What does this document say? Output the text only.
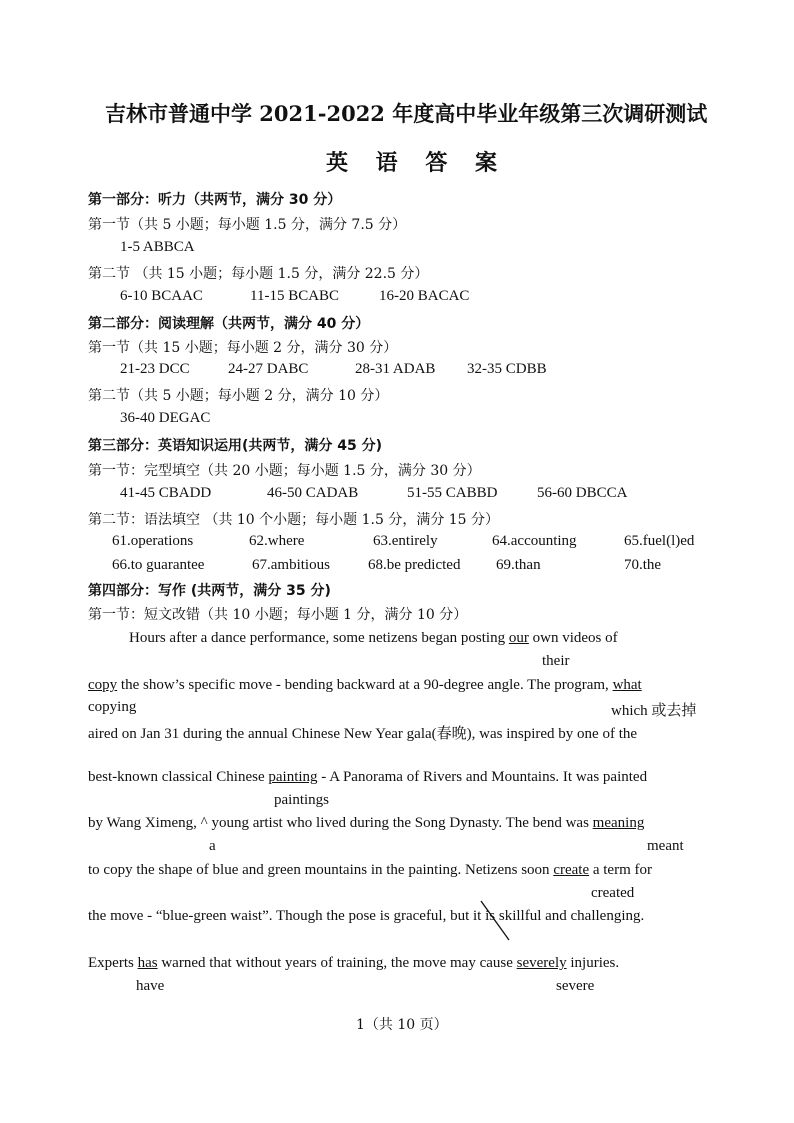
吉林市普通中学 2021-2022 年度高中毕业年级第三次调研测试
英 语 答 案
第一部分：听力（共两节，满分 30 分）
第一节（共 5 小题；每小题 1.5 分，满分 7.5 分）
1-5 ABBCA
第二节 （共 15 小题；每小题 1.5 分，满分 22.5 分）
6-10 BCAAC	11-15 BCABC	16-20 BACAC
第二部分：阅读理解（共两节，满分 40 分）
第一节（共 15 小题；每小题 2 分，满分 30 分）
21-23 DCC	24-27 DABC	28-31 ADAB 32-35 CDBB
第二节（共 5 小题；每小题 2 分，满分 10 分）
36-40 DEGAC
第三部分：英语知识运用(共两节，满分 45 分)
第一节：完型填空（共 20 小题；每小题 1.5 分，满分 30 分）
41-45 CBADD	46-50 CADAB	51-55 CABBD	56-60 DBCCA
第二节：语法填空 （共 10 个小题；每小题 1.5 分，满分 15 分）
61.operations	62.where	63.entirely	64.accounting	65.fuel(l)ed
66.to guarantee	67.ambitious	68.be predicted 69.than	70.the
第四部分：写作 (共两节，满分 35 分)
第一节：短文改错（共 10 小题；每小题 1 分，满分 10 分）
Hours after a dance performance, some netizens began posting our own videos of
their
copy the show’s specific move - bending backward at a 90-degree angle. The program, what
copying	which 或去掉
aired on Jan 31 during the annual Chinese New Year gala(春晚), was inspired by one of the
best-known classical Chinese painting - A Panorama of Rivers and Mountains. It was painted
paintings
by Wang Ximeng, ^ young artist who lived during the Song Dynasty. The bend was meaning
a	meant
to copy the shape of blue and green mountains in the painting. Netizens soon create a term for
created
the move - “blue-green waist”. Though the pose is graceful, but it is skillful and challenging.
Experts has warned that without years of training, the move may cause severely injuries.
have	severe
1（共 10 页）
